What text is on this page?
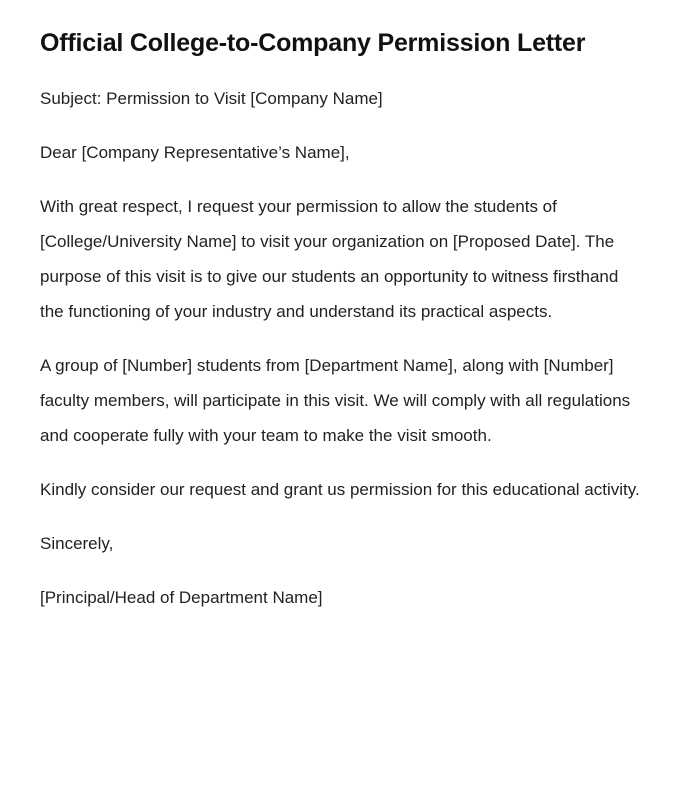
Official College-to-Company Permission Letter

Subject: Permission to Visit [Company Name]

Dear [Company Representative’s Name],

With great respect, I request your permission to allow the students of [College/University Name] to visit your organization on [Proposed Date]. The purpose of this visit is to give our students an opportunity to witness firsthand the functioning of your industry and understand its practical aspects.

A group of [Number] students from [Department Name], along with [Number] faculty members, will participate in this visit. We will comply with all regulations and cooperate fully with your team to make the visit smooth.

Kindly consider our request and grant us permission for this educational activity.

Sincerely,

[Principal/Head of Department Name]
